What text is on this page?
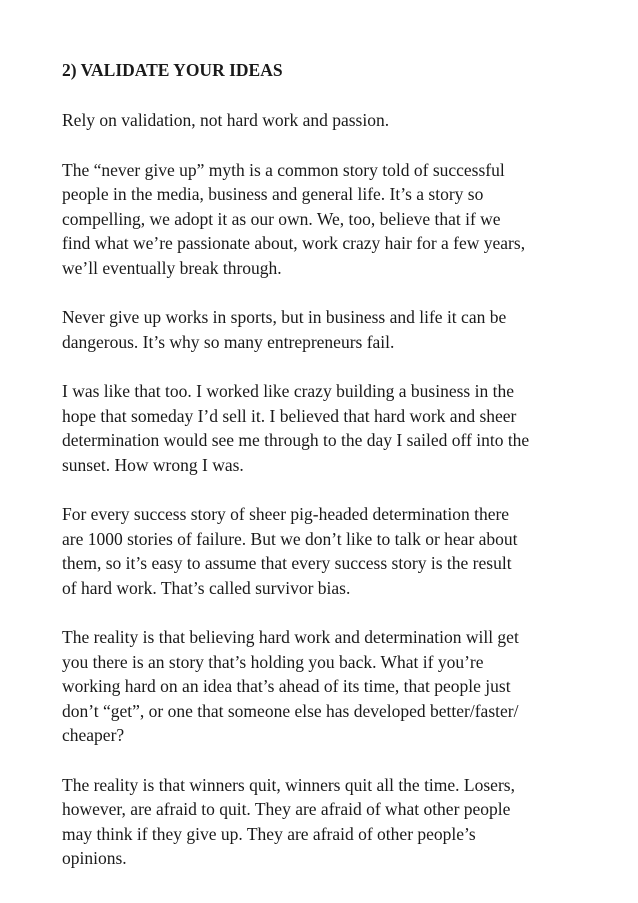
2) VALIDATE YOUR IDEAS

Rely on validation, not hard work and passion.

The “never give up” myth is a common story told of successful
people in the media, business and general life. It’s a story so
compelling, we adopt it as our own. We, too, believe that if we
find what we’re passionate about, work crazy hair for a few years,
we’ll eventually break through.

Never give up works in sports, but in business and life it can be
dangerous. It’s why so many entrepreneurs fail.

I was like that too. I worked like crazy building a business in the
hope that someday I’d sell it. I believed that hard work and sheer
determination would see me through to the day I sailed off into the
sunset. How wrong I was.

For every success story of sheer pig-headed determination there
are 1000 stories of failure. But we don’t like to talk or hear about
them, so it’s easy to assume that every success story is the result
of hard work. That’s called survivor bias.

The reality is that believing hard work and determination will get
you there is an story that’s holding you back. What if you’re
working hard on an idea that’s ahead of its time, that people just
don’t “get”, or one that someone else has developed better/faster/
cheaper?

The reality is that winners quit, winners quit all the time. Losers,
however, are afraid to quit. They are afraid of what other people
may think if they give up. They are afraid of other people’s
opinions.
